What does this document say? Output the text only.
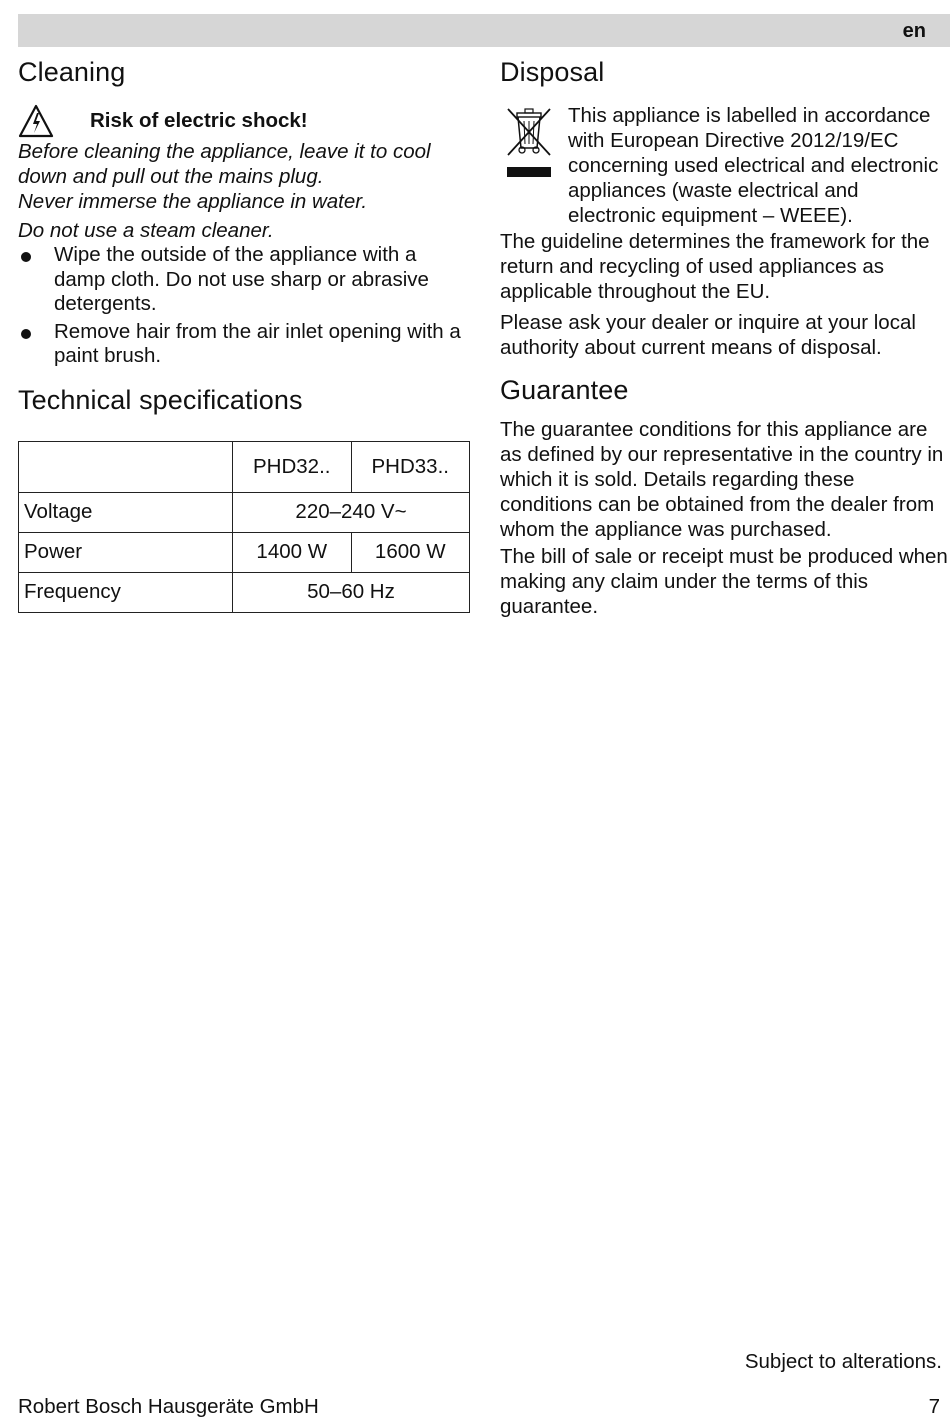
en
Cleaning
Risk of electric shock!

Before cleaning the appliance, leave it to cool down and pull out the mains plug.

Never immerse the appliance in water.

Do not use a steam cleaner.

Wipe the outside of the appliance with a damp cloth. Do not use sharp or abrasive detergents.
Remove hair from the air inlet opening with a paint brush.
Technical specifications
	PHD32..	PHD33..
Voltage	220–240 V~	
Power	1400 W	1600 W
Frequency	50–60 Hz	
Disposal

This appliance is labelled in accordance with European Directive 2012/19/EC concerning used electrical and electronic appliances (waste electrical and electronic equipment – WEEE).

The guideline determines the framework for the return and recycling of used appliances as applicable throughout the EU.

Please ask your dealer or inquire at your local authority about current means of disposal.

Guarantee

The guarantee conditions for this appliance are as defined by our representative in the country in which it is sold. Details regarding these conditions can be obtained from the dealer from whom the appliance was purchased.

The bill of sale or receipt must be produced when making any claim under the terms of this guarantee.

Subject to alterations.
Robert Bosch Hausgeräte GmbH	7
